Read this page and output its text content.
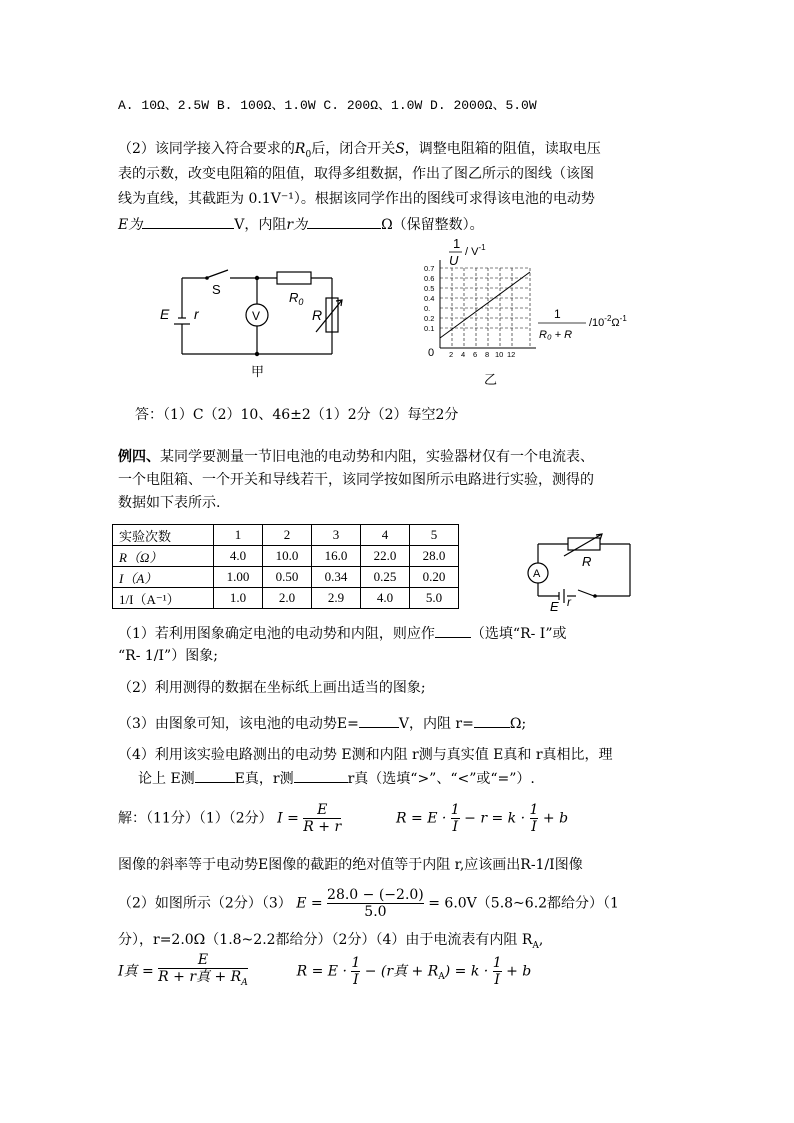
A. 10Ω、2.5W B. 100Ω、1.0W C. 200Ω、1.0W D. 2000Ω、5.0W
（2）该同学接入符合要求的$R_0$后，闭合开关S，调整电阻箱的阻值，读取电压
表的示数，改变电阻箱的阻值，取得多组数据，作出了图乙所示的图线（该图
线为直线，其截距为 0.1V⁻¹）。根据该同学作出的图线可求得该电池的电动势
E为	V，内阻r为	Ω（保留整数）。
S
E r	V
$R_0$
R
甲
1
U
/ $V^{-1}$
0.7
0.6
0.5
0.4
0.
0.2
0.1
2 4 6 8 10 12
0
1
R₀ + R
$/10^{-2}\Omega^{-1}$
乙
答：（1）C（2）10、46±2（1）2分（2）每空2分
例四、某同学要测量一节旧电池的电动势和内阻，实验器材仅有一个电流表、
一个电阻箱、一个开关和导线若干，该同学按如图所示电路进行实验，测得的
数据如下表所示.
实验次数	1	2	3	4	5
R（Ω）	4.0	10.0	16.0	22.0	28.0
I（A）	1.00	0.50	0.34	0.25	0.20
1/I（A⁻¹）	1.0	2.0	2.9	4.0	5.0
A
R
E r
（1）若利用图象确定电池的电动势和内阻，则应作	（选填“R- I”或
“R- 1/I”）图象;
（2）利用测得的数据在坐标纸上画出适当的图象;
（3）由图象可知，该电池的电动势E=	V，内阻 r=	Ω;
（4）利用该实验电路测出的电动势 E测和内阻 r测与真实值 E真和 r真相比，理
论上 E测	E真，r测	r真（选填“>”、“<”或“=”）.
解：（11分）（1）（2分） $I = \frac{E}{R + r}$	$R = E \cdot \frac{1}{I} - r = k \cdot \frac{1}{I} + b$
图像的斜率等于电动势E图像的截距的绝对值等于内阻 r,应该画出R-1/I图像
（2）如图所示（2分）（3） $E = \frac{28.0 - (-2.0)}{5.0}$ = 6.0V（5.8~6.2都给分）（1
分），r=2.0Ω（1.8~2.2都给分）（2分）（4）由于电流表有内阻 $R_A$,
I真 = $\frac{E}{R + r真 + R_A}$	$R = E \cdot \frac{1}{I} - (r$真 + $R_A) = k \cdot \frac{1}{I} + b$
